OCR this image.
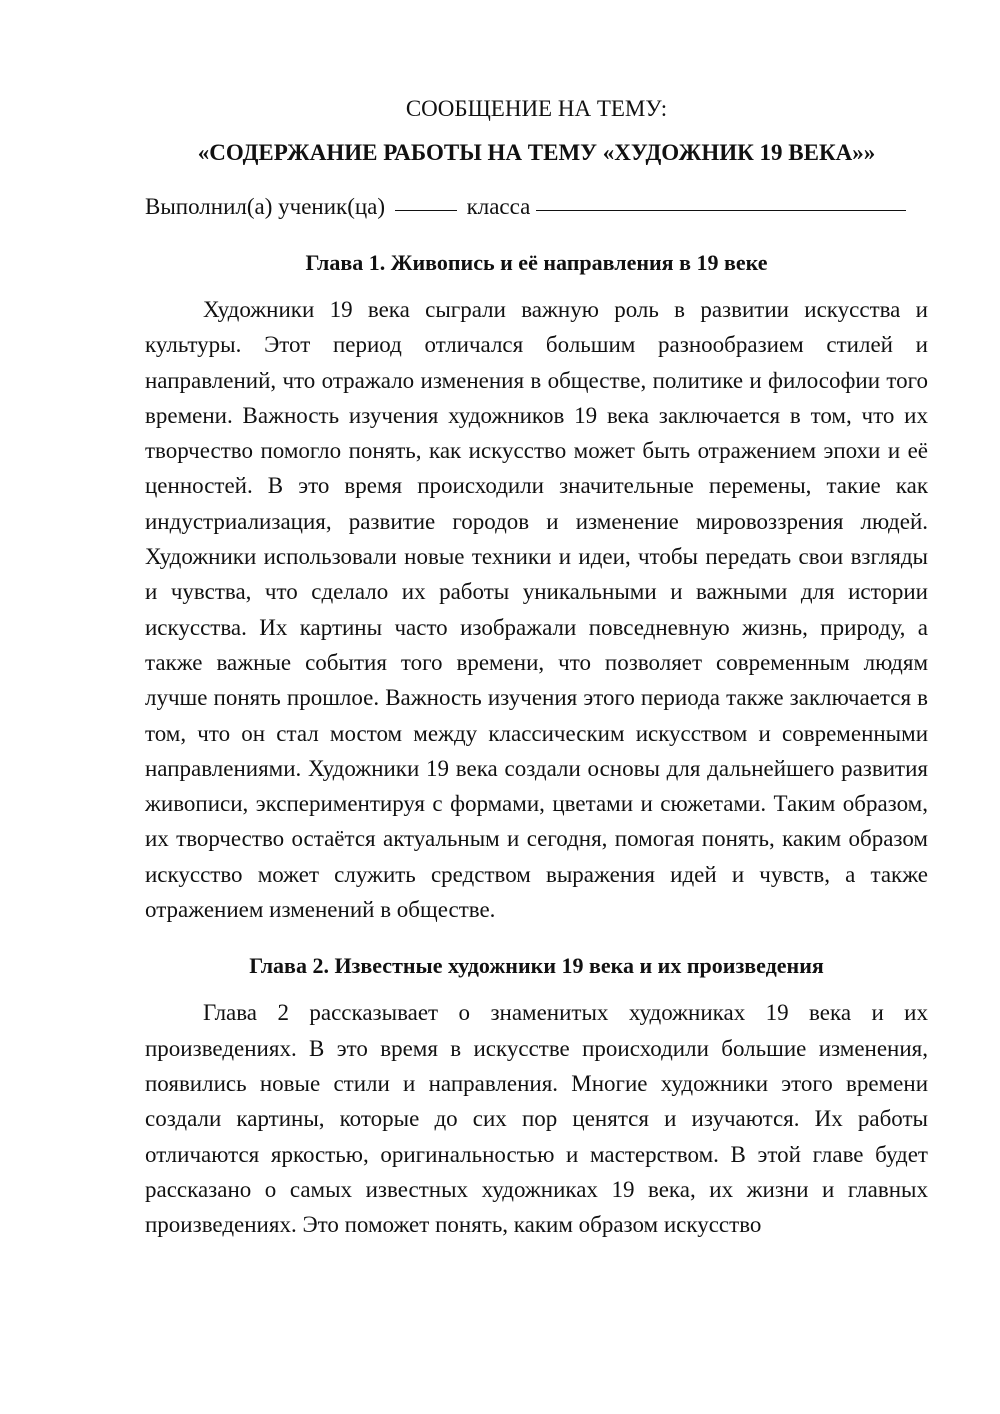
СООБЩЕНИЕ НА ТЕМУ:

«СОДЕРЖАНИЕ РАБОТЫ НА ТЕМУ «ХУДОЖНИК 19 ВЕКА»»

Выполнил(а) ученик(ца)	класса

Глава 1. Живопись и её направления в 19 веке

Художники 19 века сыграли важную роль в развитии искусства и культуры. Этот период отличался большим разнообразием стилей и направлений, что отражало изменения в обществе, политике и философии того времени. Важность изучения художников 19 века заключается в том, что их творчество помогло понять, как искусство может быть отражением эпохи и её ценностей. В это время происходили значительные перемены, такие как индустриализация, развитие городов и изменение мировоззрения людей. Художники использовали новые техники и идеи, чтобы передать свои взгляды и чувства, что сделало их работы уникальными и важными для истории искусства. Их картины часто изображали повседневную жизнь, природу, а также важные события того времени, что позволяет современным людям лучше понять прошлое. Важность изучения этого периода также заключается в том, что он стал мостом между классическим искусством и современными направлениями. Художники 19 века создали основы для дальнейшего развития живописи, экспериментируя с формами, цветами и сюжетами. Таким образом, их творчество остаётся актуальным и сегодня, помогая понять, каким образом искусство может служить средством выражения идей и чувств, а также отражением изменений в обществе.

Глава 2. Известные художники 19 века и их произведения

Глава 2 рассказывает о знаменитых художниках 19 века и их произведениях. В это время в искусстве происходили большие изменения, появились новые стили и направления. Многие художники этого времени создали картины, которые до сих пор ценятся и изучаются. Их работы отличаются яркостью, оригинальностью и мастерством. В этой главе будет рассказано о самых известных художниках 19 века, их жизни и главных произведениях. Это поможет понять, каким образом искусство
